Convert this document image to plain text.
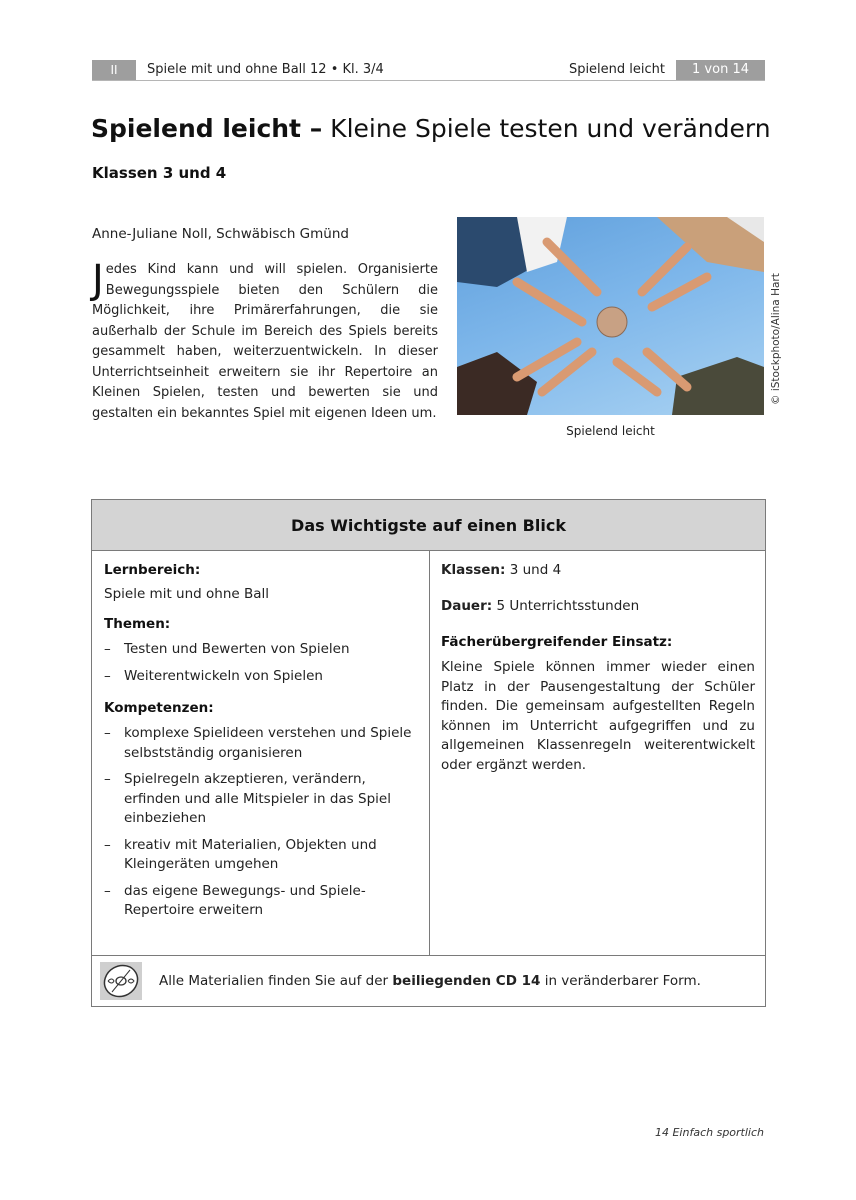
II	Spiele mit und ohne Ball 12 • Kl. 3/4	Spielend leicht	1 von 14
Spielend leicht – Kleine Spiele testen und verändern
Klassen 3 und 4
Anne-Juliane Noll, Schwäbisch Gmünd
Jedes Kind kann und will spielen. Organisierte Bewegungsspiele bieten den Schülern die Möglichkeit, ihre Primärerfahrungen, die sie außerhalb der Schule im Bereich des Spiels bereits gesammelt haben, weiterzuentwickeln. In dieser Unterrichtseinheit erweitern sie ihr Repertoire an Kleinen Spielen, testen und bewerten sie und gestalten ein bekanntes Spiel mit eigenen Ideen um.
Spielend leicht
© iStockphoto/Alina Hart
Das Wichtigste auf einen Blick
Lernbereich:
Spiele mit und ohne Ball
Themen:
– Testen und Bewerten von Spielen
– Weiterentwickeln von Spielen
Kompetenzen:
– komplexe Spielideen verstehen und Spiele selbstständig organisieren
– Spielregeln akzeptieren, verändern, erfinden und alle Mitspieler in das Spiel einbeziehen
– kreativ mit Materialien, Objekten und Kleingeräten umgehen
– das eigene Bewegungs- und Spiele-Repertoire erweitern
Klassen: 3 und 4
Dauer: 5 Unterrichtsstunden
Fächerübergreifender Einsatz:
Kleine Spiele können immer wieder einen Platz in der Pausengestaltung der Schüler finden. Die gemeinsam aufgestellten Regeln können im Unterricht aufgegriffen und zu allgemeinen Klassenregeln weiterentwickelt oder ergänzt werden.
Alle Materialien finden Sie auf der beiliegenden CD 14 in veränderbarer Form.
14 Einfach sportlich
